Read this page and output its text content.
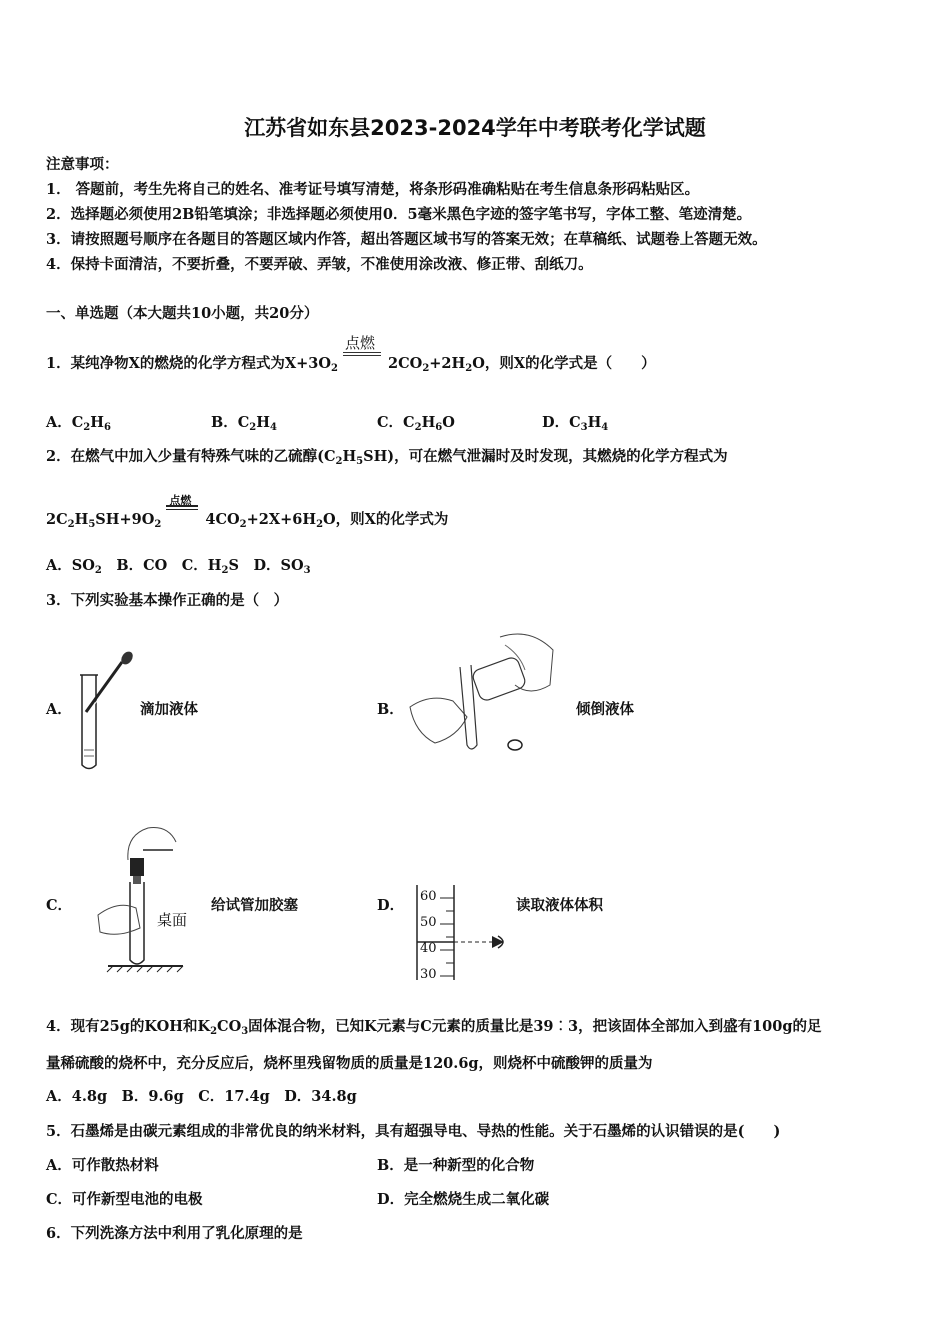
江苏省如东县2023-2024学年中考联考化学试题
注意事项：
1． 答题前，考生先将自己的姓名、准考证号填写清楚，将条形码准确粘贴在考生信息条形码粘贴区。
2．选择题必须使用2B铅笔填涂；非选择题必须使用0．5毫米黑色字迹的签字笔书写，字体工整、笔迹清楚。
3．请按照题号顺序在各题目的答题区域内作答，超出答题区域书写的答案无效；在草稿纸、试题卷上答题无效。
4．保持卡面清洁，不要折叠，不要弄破、弄皱，不准使用涂改液、修正带、刮纸刀。
一、单选题（本大题共10小题，共20分）
1．某纯净物X的燃烧的化学方程式为$X+3O_2$
点燃
$2CO_2+2H_2O$，则X的化学式是（　　）
A．$C_2H_6$	B．$C_2H_4$	C．$C_2H_6O$	D．$C_3H_4$
2．在燃气中加入少量有特殊气味的乙硫醇$(C_2H_5SH)$，可在燃气泄漏时及时发现，其燃烧的化学方程式为
$2C_2H_5SH+9O_2$
点燃
$4CO_2+2X+6H_2O$，则X的化学式为
A．$SO_2$　B．CO　C．$H_2S$　D．$SO_3$
3．下列实验基本操作正确的是（　）
A．	滴加液体	B．	倾倒液体
C．
桌面
给试管加胶塞	D．
60
50
40
30
读取液体体积
4．现有25g的KOH和$K_2CO_3$固体混合物，已知K元素与C元素的质量比是39︰3，把该固体全部加入到盛有100g的足
量稀硫酸的烧杯中，充分反应后，烧杯里残留物质的质量是120.6g，则烧杯中硫酸钾的质量为
A．4.8g　B．9.6g　C．17.4g　D．34.8g
5．石墨烯是由碳元素组成的非常优良的纳米材料，具有超强导电、导热的性能。关于石墨烯的认识错误的是(　　)
A．可作散热材料	B．是一种新型的化合物
C．可作新型电池的电极	D．完全燃烧生成二氧化碳
6．下列洗涤方法中利用了乳化原理的是
